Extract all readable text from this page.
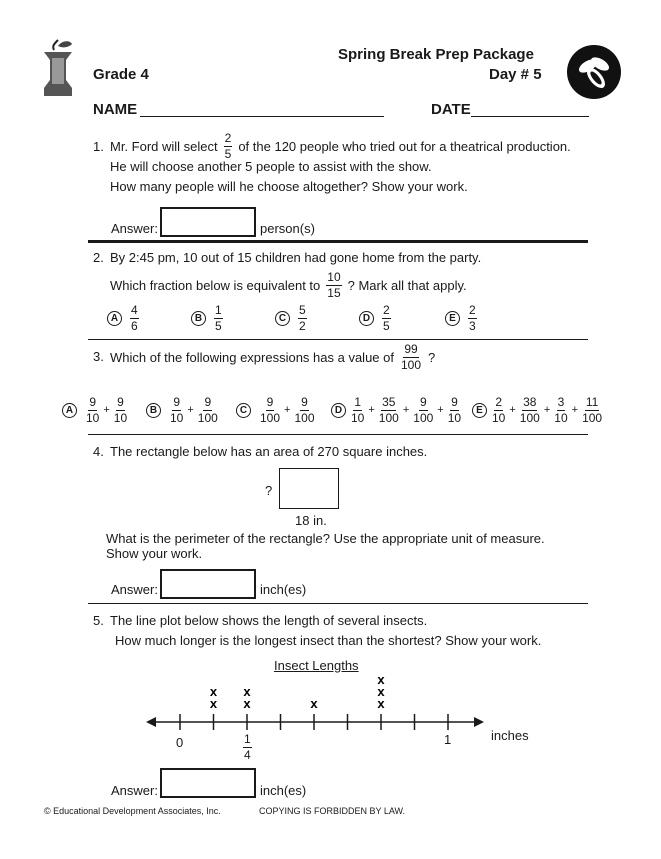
Grade 4
Spring Break Prep Package
Day # 5
NAME	DATE
1. Mr. Ford will select $\frac{2}{5}$ of the 120 people who tried out for a theatrical production.
He will choose another 5 people to assist with the show.
How many people will he choose altogether? Show your work.
Answer:	person(s)
2. By 2:45 pm, 10 out of 15 children had gone home from the party.
Which fraction below is equivalent to $\frac{10}{15}$ ? Mark all that apply.
A $\frac{4}{6}$	B $\frac{1}{5}$	C $\frac{5}{2}$	D $\frac{2}{5}$	E	$\frac{2}{3}$
3. Which of the following expressions has a value of $\frac{99}{100}$ ?
A $\frac{9}{10} + \frac{9}{10}$	B $\frac{9}{10} + \frac{9}{100}$	C $\frac{9}{100} + \frac{9}{100}$	D $\frac{1}{10} + \frac{35}{100} + \frac{9}{100} + \frac{9}{10}$	E $\frac{2}{10} + \frac{38}{100} + \frac{3}{10} + \frac{11}{100}$
4. The rectangle below has an area of 270 square inches.
?
18 in.
What is the perimeter of the rectangle? Use the appropriate unit of measure.
Show your work.
Answer:	inch(es)
5. The line plot below shows the length of several insects.
How much longer is the longest insect than the shortest? Show your work.
Insect Lengths
x
x
x
x
x	x
x
x
0	$\frac{1}{4}$	1	inches
Answer:	inch(es)
© Educational Development Associates, Inc.	COPYING IS FORBIDDEN BY LAW.
